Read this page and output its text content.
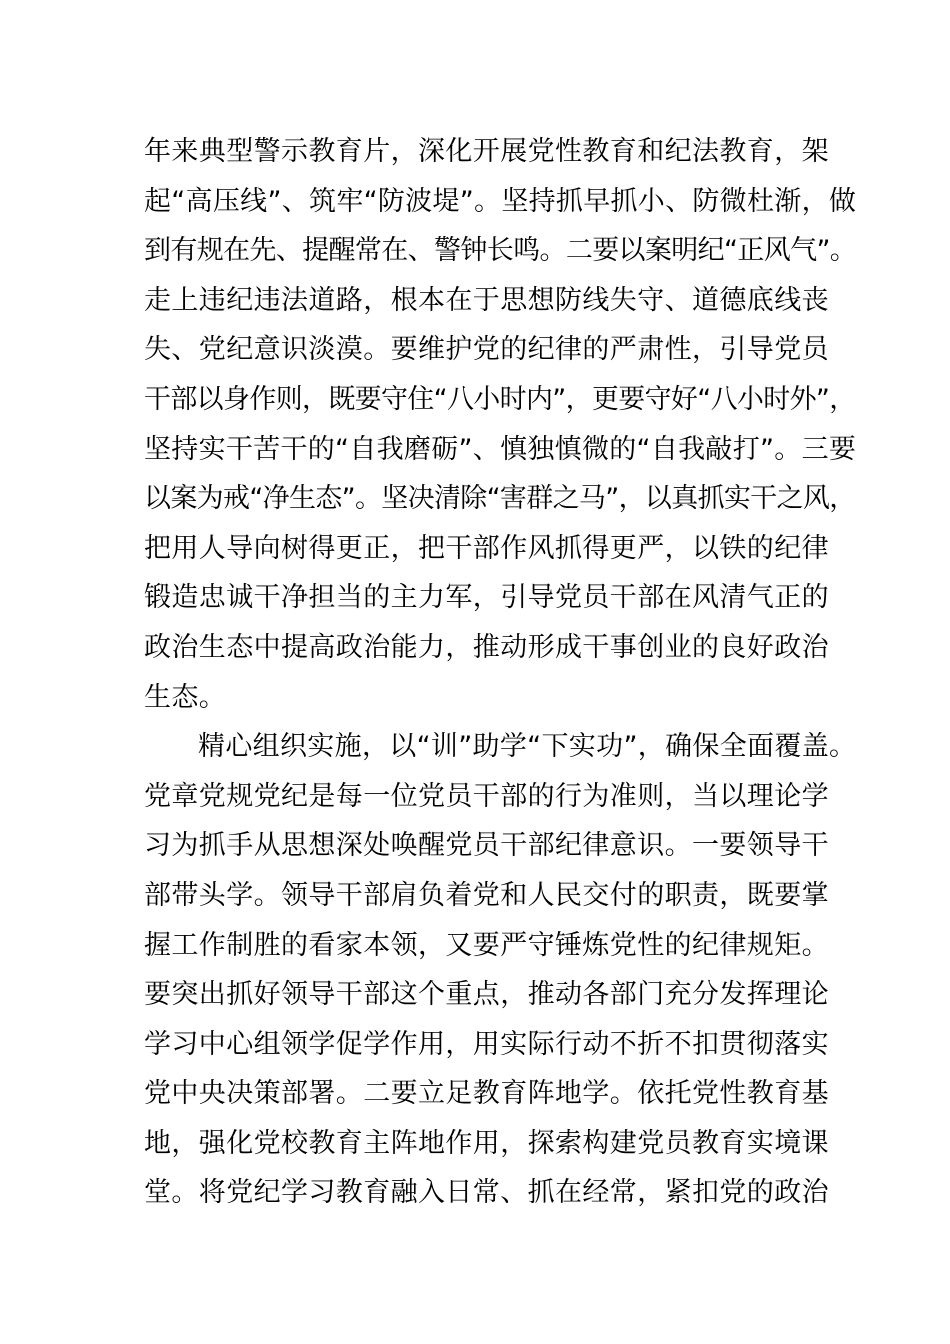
年来典型警示教育片，深化开展党性教育和纪法教育，架
起“高压线”、筑牢“防波堤”。坚持抓早抓小、防微杜渐，做
到有规在先、提醒常在、警钟长鸣。二要以案明纪“正风气”。
走上违纪违法道路，根本在于思想防线失守、道德底线丧
失、党纪意识淡漠。要维护党的纪律的严肃性，引导党员
干部以身作则，既要守住“八小时内”，更要守好“八小时外”，
坚持实干苦干的“自我磨砺”、慎独慎微的“自我敲打”。三要
以案为戒“净生态”。坚决清除“害群之马”，以真抓实干之风，
把用人导向树得更正，把干部作风抓得更严，以铁的纪律
锻造忠诚干净担当的主力军，引导党员干部在风清气正的
政治生态中提高政治能力，推动形成干事创业的良好政治
生态。
精心组织实施，以“训”助学“下实功”，确保全面覆盖。
党章党规党纪是每一位党员干部的行为准则，当以理论学
习为抓手从思想深处唤醒党员干部纪律意识。一要领导干
部带头学。领导干部肩负着党和人民交付的职责，既要掌
握工作制胜的看家本领，又要严守锤炼党性的纪律规矩。
要突出抓好领导干部这个重点，推动各部门充分发挥理论
学习中心组领学促学作用，用实际行动不折不扣贯彻落实
党中央决策部署。二要立足教育阵地学。依托党性教育基
地，强化党校教育主阵地作用，探索构建党员教育实境课
堂。将党纪学习教育融入日常、抓在经常，紧扣党的政治
